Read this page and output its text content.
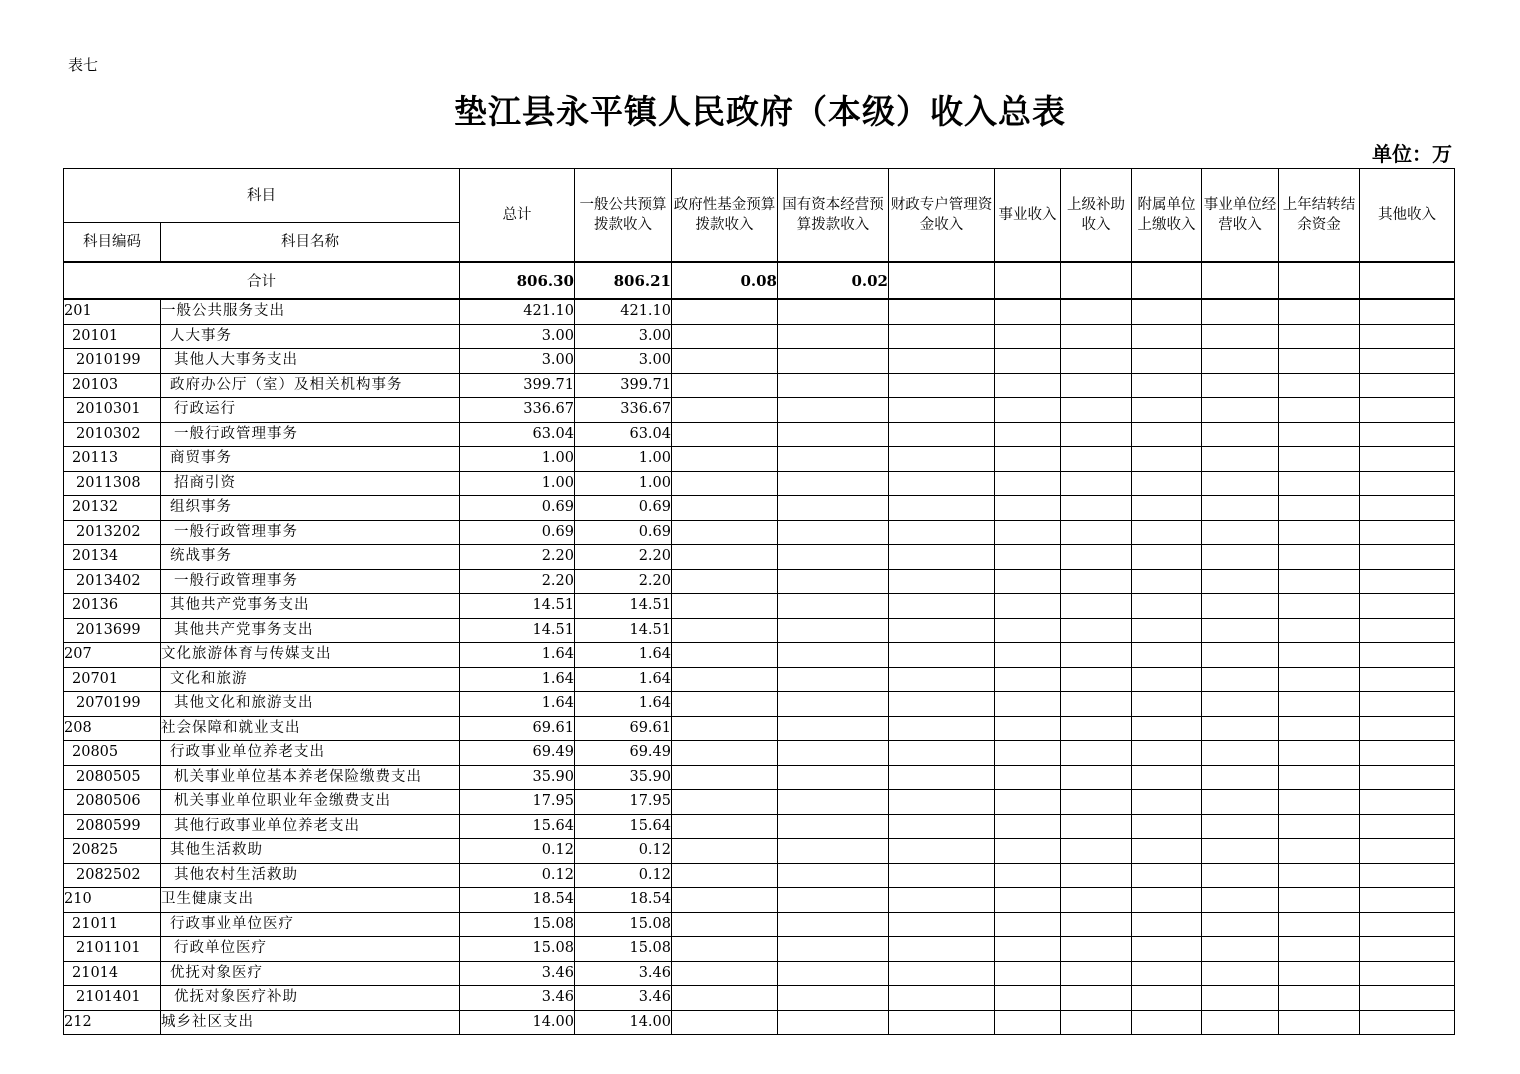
表七
垫江县永平镇人民政府（本级）收入总表
单位：万
科目		总计	一般公共预算拨款收入	政府性基金预算拨款收入	国有资本经营预算拨款收入	财政专户管理资金收入	事业收入	上级补助收入	附属单位上缴收入	事业单位经营收入	上年结转结余资金	其他收入
科目编码	科目名称											
合计		806.30	806.21	0.08	0.02							
201	一般公共服务支出	421.10	421.10									
20101	人大事务	3.00	3.00									
2010199	其他人大事务支出	3.00	3.00									
20103	政府办公厅（室）及相关机构事务	399.71	399.71									
2010301	行政运行	336.67	336.67									
2010302	一般行政管理事务	63.04	63.04									
20113	商贸事务	1.00	1.00									
2011308	招商引资	1.00	1.00									
20132	组织事务	0.69	0.69									
2013202	一般行政管理事务	0.69	0.69									
20134	统战事务	2.20	2.20									
2013402	一般行政管理事务	2.20	2.20									
20136	其他共产党事务支出	14.51	14.51									
2013699	其他共产党事务支出	14.51	14.51									
207	文化旅游体育与传媒支出	1.64	1.64									
20701	文化和旅游	1.64	1.64									
2070199	其他文化和旅游支出	1.64	1.64									
208	社会保障和就业支出	69.61	69.61									
20805	行政事业单位养老支出	69.49	69.49									
2080505	机关事业单位基本养老保险缴费支出	35.90	35.90									
2080506	机关事业单位职业年金缴费支出	17.95	17.95									
2080599	其他行政事业单位养老支出	15.64	15.64									
20825	其他生活救助	0.12	0.12									
2082502	其他农村生活救助	0.12	0.12									
210	卫生健康支出	18.54	18.54									
21011	行政事业单位医疗	15.08	15.08									
2101101	行政单位医疗	15.08	15.08									
21014	优抚对象医疗	3.46	3.46									
2101401	优抚对象医疗补助	3.46	3.46									
212	城乡社区支出	14.00	14.00									
